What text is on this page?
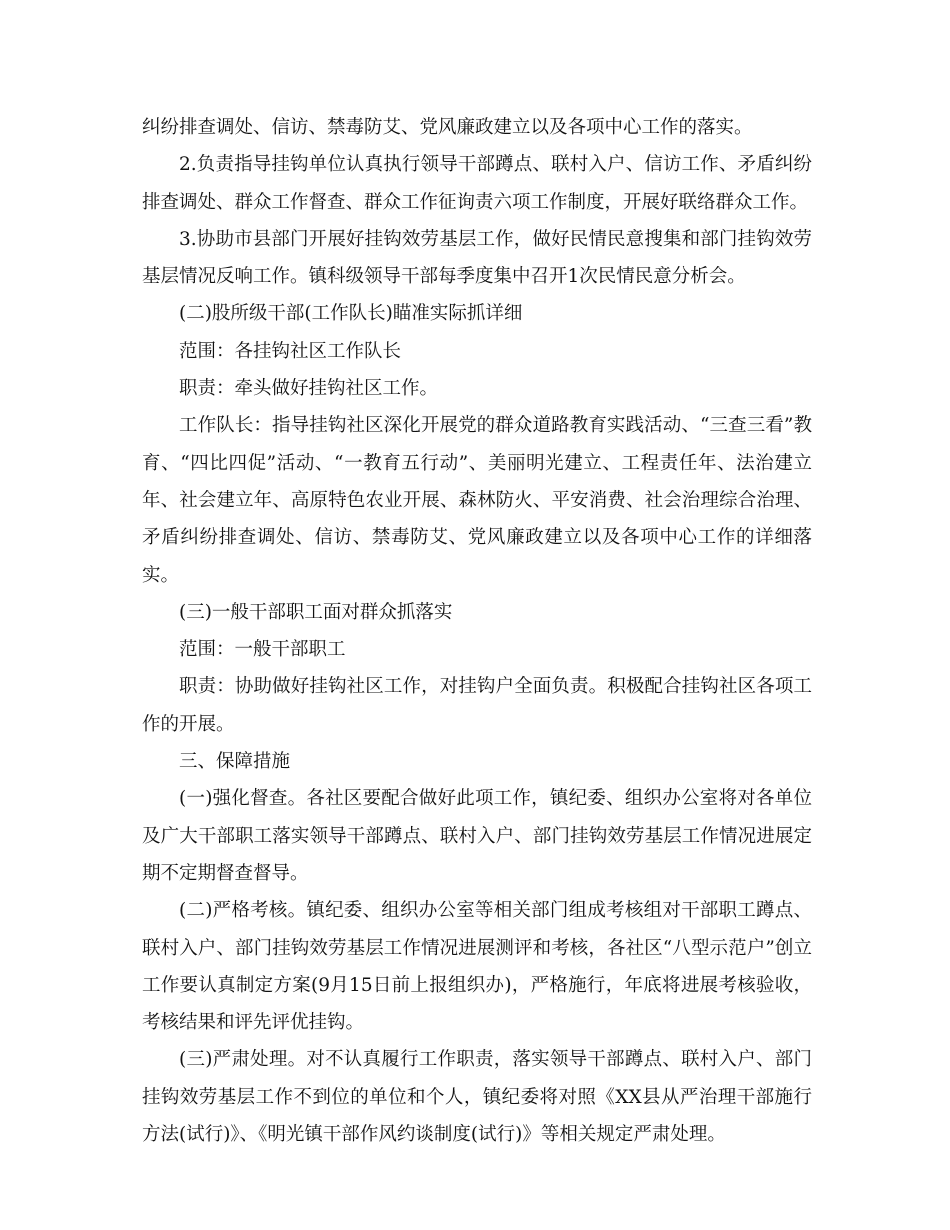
纠纷排查调处、信访、禁毒防艾、党风廉政建立以及各项中心工作的落实。

2.负责指导挂钩单位认真执行领导干部蹲点、联村入户、信访工作、矛盾纠纷排查调处、群众工作督查、群众工作征询责六项工作制度，开展好联络群众工作。

3.协助市县部门开展好挂钩效劳基层工作，做好民情民意搜集和部门挂钩效劳基层情况反响工作。镇科级领导干部每季度集中召开1次民情民意分析会。

(二)股所级干部(工作队长)瞄准实际抓详细

范围：各挂钩社区工作队长

职责：牵头做好挂钩社区工作。

工作队长：指导挂钩社区深化开展党的群众道路教育实践活动、“三查三看”教育、“四比四促”活动、“一教育五行动”、美丽明光建立、工程责任年、法治建立年、社会建立年、高原特色农业开展、森林防火、平安消费、社会治理综合治理、矛盾纠纷排查调处、信访、禁毒防艾、党风廉政建立以及各项中心工作的详细落实。

(三)一般干部职工面对群众抓落实

范围：一般干部职工

职责：协助做好挂钩社区工作，对挂钩户全面负责。积极配合挂钩社区各项工作的开展。

三、保障措施

(一)强化督查。各社区要配合做好此项工作，镇纪委、组织办公室将对各单位及广大干部职工落实领导干部蹲点、联村入户、部门挂钩效劳基层工作情况进展定期不定期督查督导。

(二)严格考核。镇纪委、组织办公室等相关部门组成考核组对干部职工蹲点、联村入户、部门挂钩效劳基层工作情况进展测评和考核，各社区“八型示范户”创立工作要认真制定方案(9月15日前上报组织办)，严格施行，年底将进展考核验收，考核结果和评先评优挂钩。

(三)严肃处理。对不认真履行工作职责，落实领导干部蹲点、联村入户、部门挂钩效劳基层工作不到位的单位和个人，镇纪委将对照《XX县从严治理干部施行方法(试行)》、《明光镇干部作风约谈制度(试行)》等相关规定严肃处理。
